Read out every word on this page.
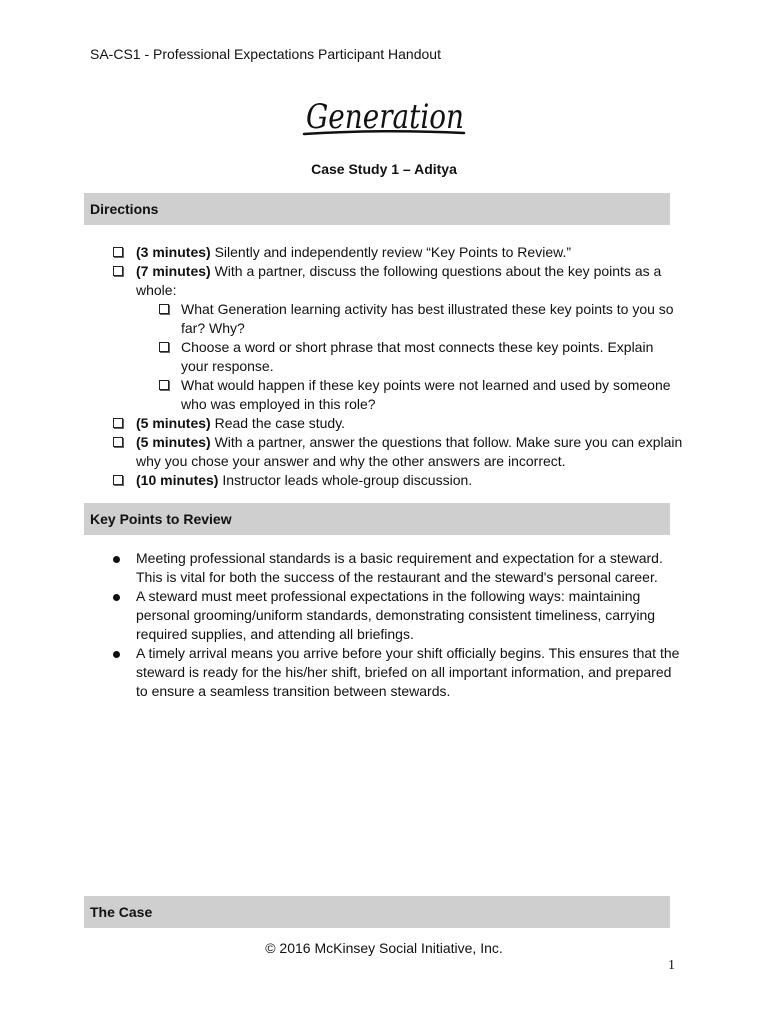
SA-CS1 - Professional Expectations Participant Handout
Generation
Case Study 1 – Aditya
Directions
(3 minutes) Silently and independently review “Key Points to Review.”
(7 minutes) With a partner, discuss the following questions about the key points as a whole:
What Generation learning activity has best illustrated these key points to you so far? Why?
Choose a word or short phrase that most connects these key points. Explain your response.
What would happen if these key points were not learned and used by someone who was employed in this role?
(5 minutes) Read the case study.
(5 minutes) With a partner, answer the questions that follow. Make sure you can explain why you chose your answer and why the other answers are incorrect.
(10 minutes) Instructor leads whole-group discussion.
Key Points to Review
Meeting professional standards is a basic requirement and expectation for a steward. This is vital for both the success of the restaurant and the steward's personal career.
A steward must meet professional expectations in the following ways: maintaining personal grooming/uniform standards, demonstrating consistent timeliness, carrying required supplies, and attending all briefings.
A timely arrival means you arrive before your shift officially begins. This ensures that the steward is ready for the his/her shift, briefed on all important information, and prepared to ensure a seamless transition between stewards.
The Case
© 2016 McKinsey Social Initiative, Inc.
1
